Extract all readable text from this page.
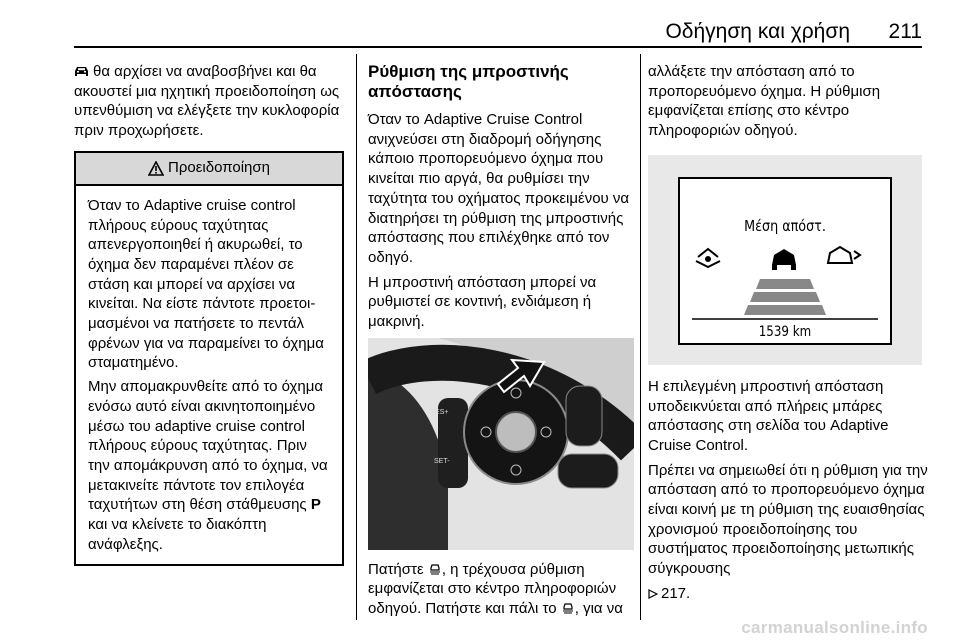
Οδήγηση και χρήση 211

θα αρχίσει να αναβοσβήνει και θα ακουστεί μια ηχητική προειδοποίηση ως υπενθύμιση να ελέγξετε την κυκλοφορία πριν προχωρήσετε.

Προειδοποίηση

Όταν το Adaptive cruise control πλήρους εύρους ταχύτητας απενεργοποιηθεί ή ακυρωθεί, το όχημα δεν παραμένει πλέον σε στάση και μπορεί να αρχίσει να κινείται. Να είστε πάντοτε προετοιμασμένοι να πατήσετε το πεντάλ φρένων για να παραμείνει το όχημα σταματημένο.

Μην απομακρυνθείτε από το όχημα ενόσω αυτό είναι ακινητοποιημένο μέσω του adaptive cruise control πλήρους εύρους ταχύτητας. Πριν την απομάκρυνση από το όχημα, να μετακινείτε πάντοτε τον επιλογέα ταχυτήτων στη θέση στάθμευσης P και να κλείνετε το διακόπτη ανάφλεξης.

Ρύθμιση της μπροστινής απόστασης

Όταν το Adaptive Cruise Control ανιχνεύσει στη διαδρομή οδήγησης κάποιο προπορευόμενο όχημα που κινείται πιο αργά, θα ρυθμίσει την ταχύτητα του οχήματος προκειμένου να διατηρήσει τη ρύθμιση της μπροστινής απόστασης που επιλέχθηκε από τον οδηγό.

Η μπροστινή απόσταση μπορεί να ρυθμιστεί σε κοντινή, ενδιάμεση ή μακρινή.

RES+
SET-

Πατήστε , η τρέχουσα ρύθμιση εμφανίζεται στο κέντρο πληροφοριών οδηγού. Πατήστε και πάλι το , για να

αλλάξετε την απόσταση από το προπορευόμενο όχημα. Η ρύθμιση εμφανίζεται επίσης στο κέντρο πληροφοριών οδηγού.

Μέση απόστ.
1539 km

Η επιλεγμένη μπροστινή απόσταση υποδεικνύεται από πλήρεις μπάρες απόστασης στη σελίδα του Adaptive Cruise Control.

Πρέπει να σημειωθεί ότι η ρύθμιση για την απόσταση από το προπορευόμενο όχημα είναι κοινή με τη ρύθμιση της ευαισθησίας χρονισμού προειδοποίησης του συστήματος προειδοποίησης μετωπικής σύγκρουσης

217.

carmanualsonline.info
